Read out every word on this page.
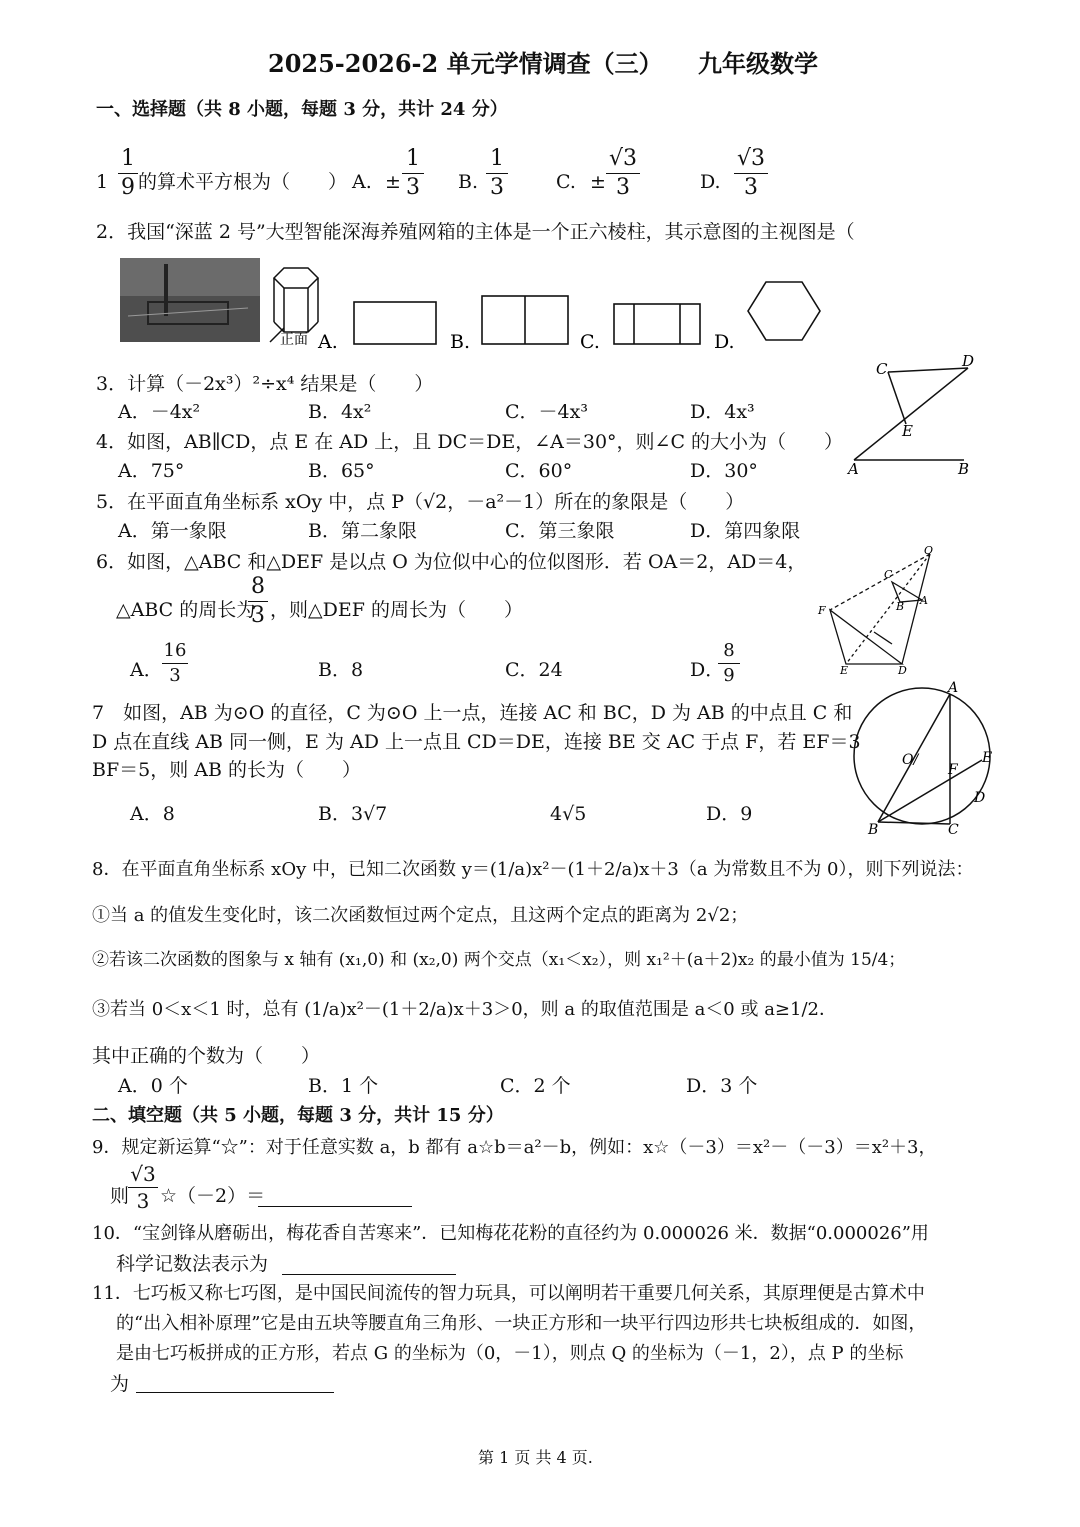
2025-2026-2 单元学情调查（三） 九年级数学
一、选择题（共 8 小题，每题 3 分，共计 24 分）
1
1
9 的算术平方根为（　　） A. ±
1
3 B.
1
3	C. ±
√3
3	D.
√3
3
2．我国“深蓝 2 号”大型智能深海养殖网箱的主体是一个正六棱柱，其示意图的主视图是（
正面 A.	B.	C.	D.
3．计算（－2x³）²÷x⁴ 结果是（　　）
A．－4x²	B．4x²	C．－4x³	D．4x³
C	D
E
A	B
4．如图，AB∥CD，点 E 在 AD 上，且 DC＝DE，∠A＝30°，则∠C 的大小为（　　）
A．75°	B．65°	C．60°	D．30°
5．在平面直角坐标系 xOy 中，点 P（√2，－a²－1）所在的象限是（　　）
A．第一象限	B．第二象限	C．第三象限	D．第四象限
6．如图，△ABC 和△DEF 是以点 O 为位似中心的位似图形．若 OA＝2，AD＝4，
△ABC 的周长为
8
3 ，则△DEF 的周长为（　　）
A．
16
3	B．8	C．24	D．
8
9
O
C
B A
F
E	D
7　如图，AB 为⊙O 的直径，C 为⊙O 上一点，连接 AC 和 BC，D 为 AB 的中点且 C 和
D 点在直线 AB 同一侧，E 为 AD 上一点且 CD＝DE，连接 BE 交 AC 于点 F，若 EF＝3
BF＝5，则 AB 的长为（　　）
A．8	B．3√7	4√5	D．9
A
O/	E
F
D
B	C
8．在平面直角坐标系 xOy 中，已知二次函数 y＝(1/a)x²－(1＋2/a)x＋3（a 为常数且不为 0），则下列说法：
①当 a 的值发生变化时，该二次函数恒过两个定点，且这两个定点的距离为 2√2；
②若该二次函数的图象与 x 轴有 (x₁,0) 和 (x₂,0) 两个交点（x₁＜x₂），则 x₁²＋(a＋2)x₂ 的最小值为 15/4；
③若当 0＜x＜1 时，总有 (1/a)x²－(1＋2/a)x＋3＞0，则 a 的取值范围是 a＜0 或 a≥1/2．
其中正确的个数为（　　）
A．0 个	B．1 个	C．2 个	D．3 个
二、填空题（共 5 小题，每题 3 分，共计 15 分）
9．规定新运算“☆”：对于任意实数 a，b 都有 a☆b＝a²－b，例如：x☆（－3）＝x²－（－3）＝x²＋3，
则
√3
3 ☆（－2）＝
10．“宝剑锋从磨砺出，梅花香自苦寒来”．已知梅花花粉的直径约为 0.000026 米．数据“0.000026”用
科学记数法表示为
11．七巧板又称七巧图，是中国民间流传的智力玩具，可以阐明若干重要几何关系，其原理便是古算术中
的“出入相补原理”它是由五块等腰直角三角形、一块正方形和一块平行四边形共七块板组成的．如图，
是由七巧板拼成的正方形，若点 G 的坐标为（0，－1），则点 Q 的坐标为（－1，2），点 P 的坐标
为
第 1 页 共 4 页.
